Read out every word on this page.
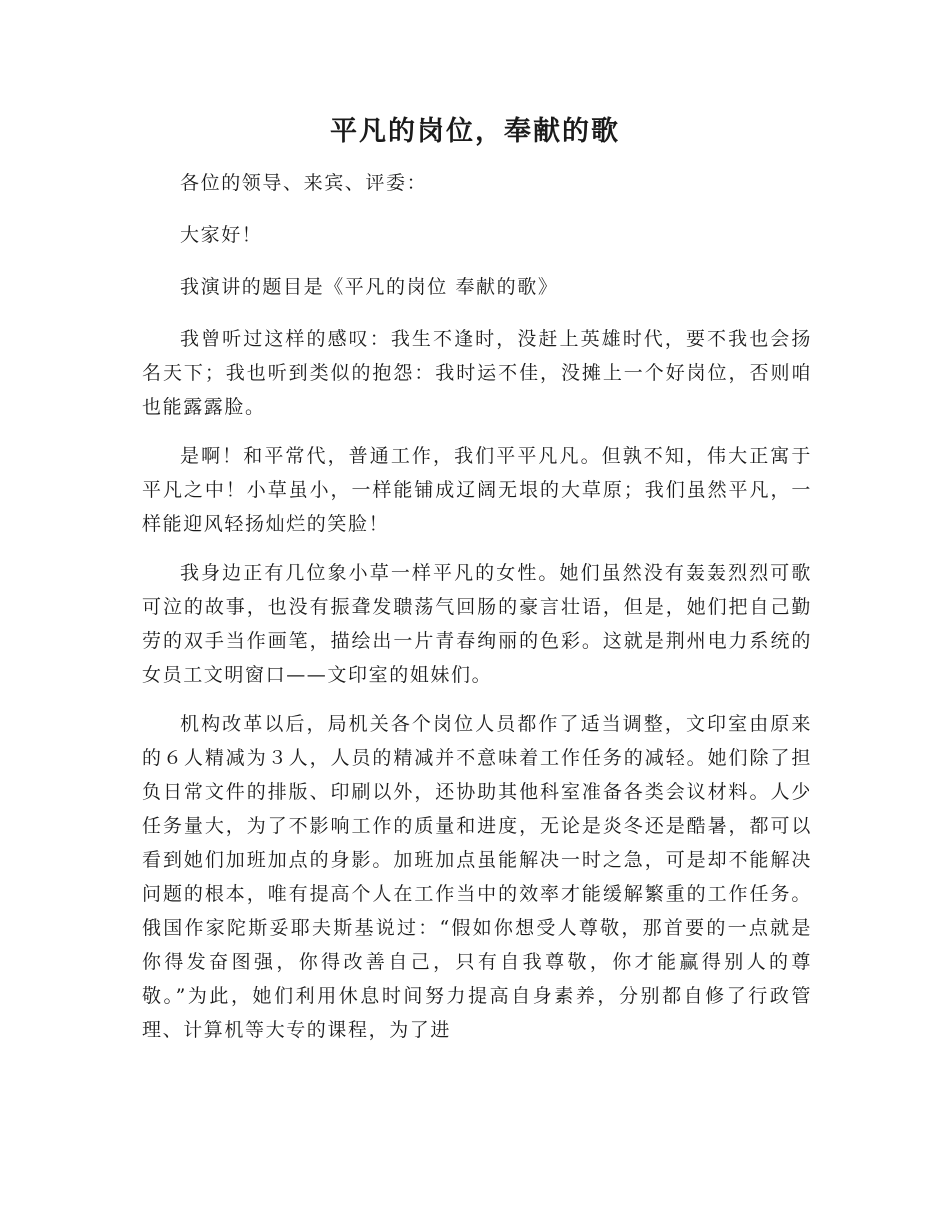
平凡的岗位，奉献的歌

各位的领导、来宾、评委：

大家好！

我演讲的题目是《平凡的岗位 奉献的歌》

我曾听过这样的感叹：我生不逢时，没赶上英雄时代，要不我也会扬名天下；我也听到类似的抱怨：我时运不佳，没摊上一个好岗位，否则咱也能露露脸。

是啊！和平常代，普通工作，我们平平凡凡。但孰不知，伟大正寓于平凡之中！小草虽小，一样能铺成辽阔无垠的大草原；我们虽然平凡，一样能迎风轻扬灿烂的笑脸！

我身边正有几位象小草一样平凡的女性。她们虽然没有轰轰烈烈可歌可泣的故事，也没有振聋发聩荡气回肠的豪言壮语，但是，她们把自己勤劳的双手当作画笔，描绘出一片青春绚丽的色彩。这就是荆州电力系统的女员工文明窗口——文印室的姐妹们。

机构改革以后，局机关各个岗位人员都作了适当调整，文印室由原来的６人精减为３人，人员的精减并不意味着工作任务的减轻。她们除了担负日常文件的排版、印刷以外，还协助其他科室准备各类会议材料。人少任务量大，为了不影响工作的质量和进度，无论是炎冬还是酷暑，都可以看到她们加班加点的身影。加班加点虽能解决一时之急，可是却不能解决问题的根本，唯有提高个人在工作当中的效率才能缓解繁重的工作任务。俄国作家陀斯妥耶夫斯基说过：“假如你想受人尊敬，那首要的一点就是你得发奋图强，你得改善自己，只有自我尊敬，你才能赢得别人的尊敬。”为此，她们利用休息时间努力提高自身素养，分别都自修了行政管理、计算机等大专的课程，为了进
